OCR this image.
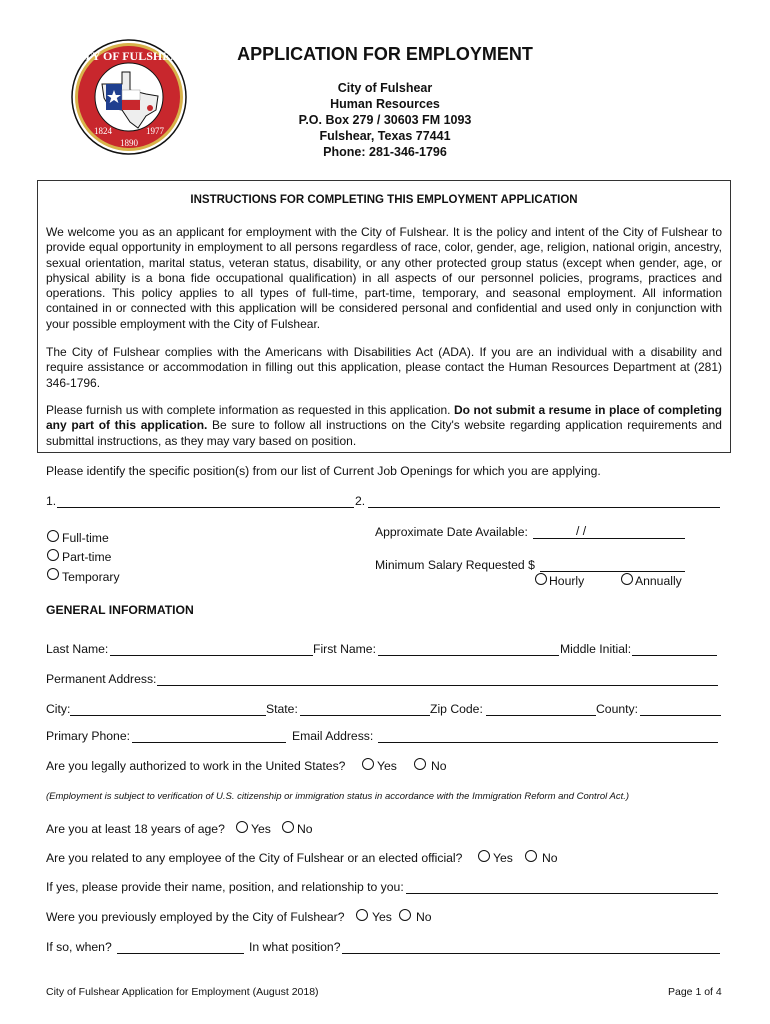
CITY OF FULSHEAR
1824
1890
1977
APPLICATION FOR EMPLOYMENT
City of Fulshear
Human Resources
P.O. Box 279 / 30603 FM 1093
Fulshear, Texas 77441
Phone: 281-346-1796
INSTRUCTIONS FOR COMPLETING THIS EMPLOYMENT APPLICATION
We welcome you as an applicant for employment with the City of Fulshear. It is the policy and intent of the City of Fulshear to provide equal opportunity in employment to all persons regardless of race, color, gender, age, religion, national origin, ancestry, sexual orientation, marital status, veteran status, disability, or any other protected group status (except when gender, age, or physical ability is a bona fide occupational qualification) in all aspects of our personnel policies, programs, practices and operations. This policy applies to all types of full-time, part-time, temporary, and seasonal employment. All information contained in or connected with this application will be considered personal and confidential and used only in conjunction with your possible employment with the City of Fulshear.
The City of Fulshear complies with the Americans with Disabilities Act (ADA). If you are an individual with a disability and require assistance or accommodation in filling out this application, please contact the Human Resources Department at (281) 346-1796.
Please furnish us with complete information as requested in this application. Do not submit a resume in place of completing any part of this application. Be sure to follow all instructions on the City's website regarding application requirements and submittal instructions, as they may vary based on position.
Please identify the specific position(s) from our list of Current Job Openings for which you are applying.
1.	2.
Full-time
Part-time
Temporary
Approximate Date Available:	/ /
Minimum Salary Requested $
Hourly	Annually
GENERAL INFORMATION
Last Name:	First Name:	Middle Initial:
Permanent Address:
City:	State:	Zip Code:	County:
Primary Phone:	Email Address:
Are you legally authorized to work in the United States?	Yes	No
(Employment is subject to verification of U.S. citizenship or immigration status in accordance with the Immigration Reform and Control Act.)
Are you at least 18 years of age? Yes No
Are you related to any employee of the City of Fulshear or an elected official?	Yes No
If yes, please provide their name, position, and relationship to you:
Were you previously employed by the City of Fulshear? Yes No
If so, when?	In what position?
City of Fulshear Application for Employment (August 2018)	Page 1 of 4
